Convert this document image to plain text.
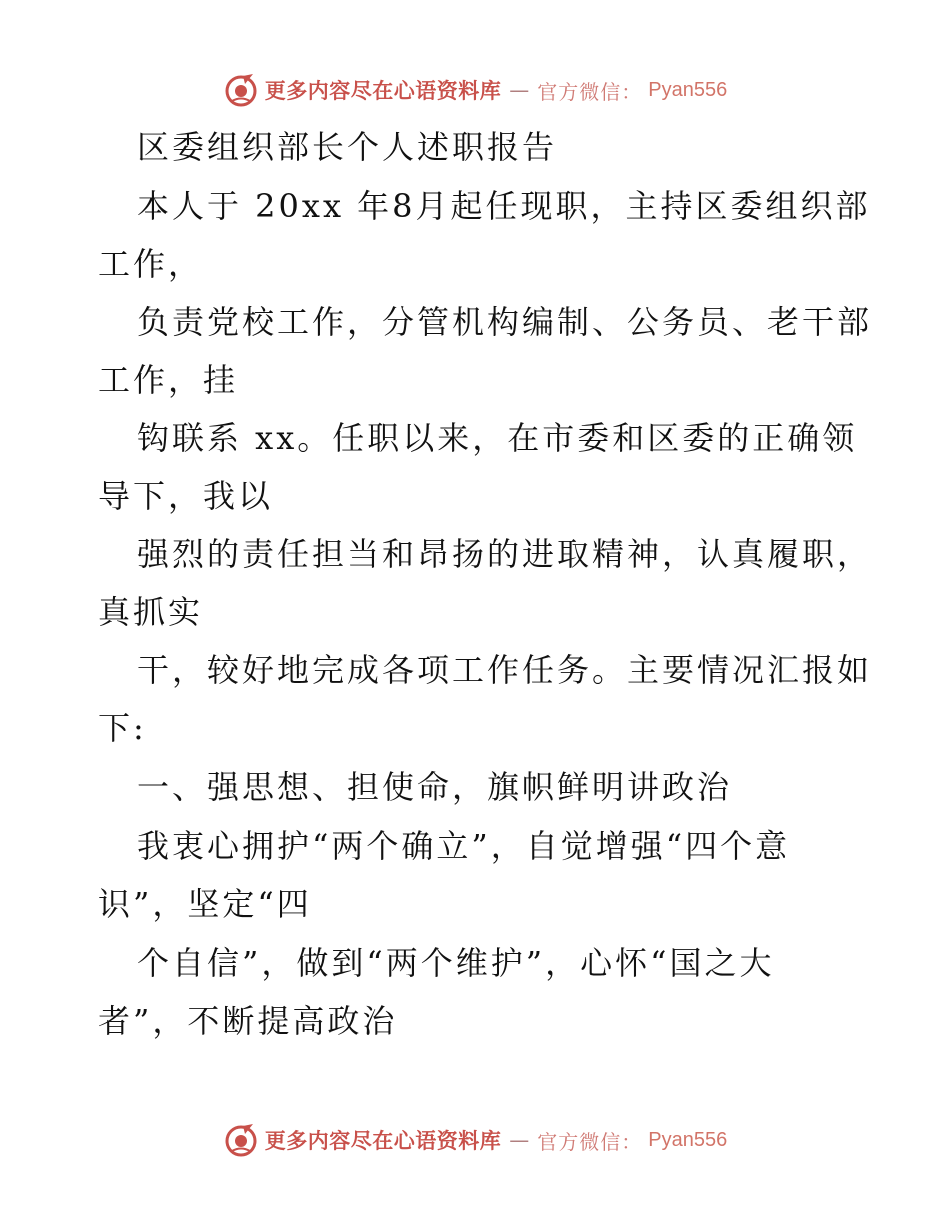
更多内容尽在心语资料库 — 官方微信： Pyan556
区委组织部长个人述职报告
本人于 20xx 年8月起任现职，主持区委组织部
工作，
负责党校工作，分管机构编制、公务员、老干部
工作，挂
钩联系 xx。任职以来，在市委和区委的正确领
导下，我以
强烈的责任担当和昂扬的进取精神，认真履职，
真抓实
干，较好地完成各项工作任务。主要情况汇报如
下:
一、强思想、担使命，旗帜鲜明讲政治
我衷心拥护“两个确立”，自觉增强“四个意
识”，坚定“四
个自信”，做到“两个维护”，心怀“国之大
者”，不断提高政治
更多内容尽在心语资料库 — 官方微信： Pyan556
